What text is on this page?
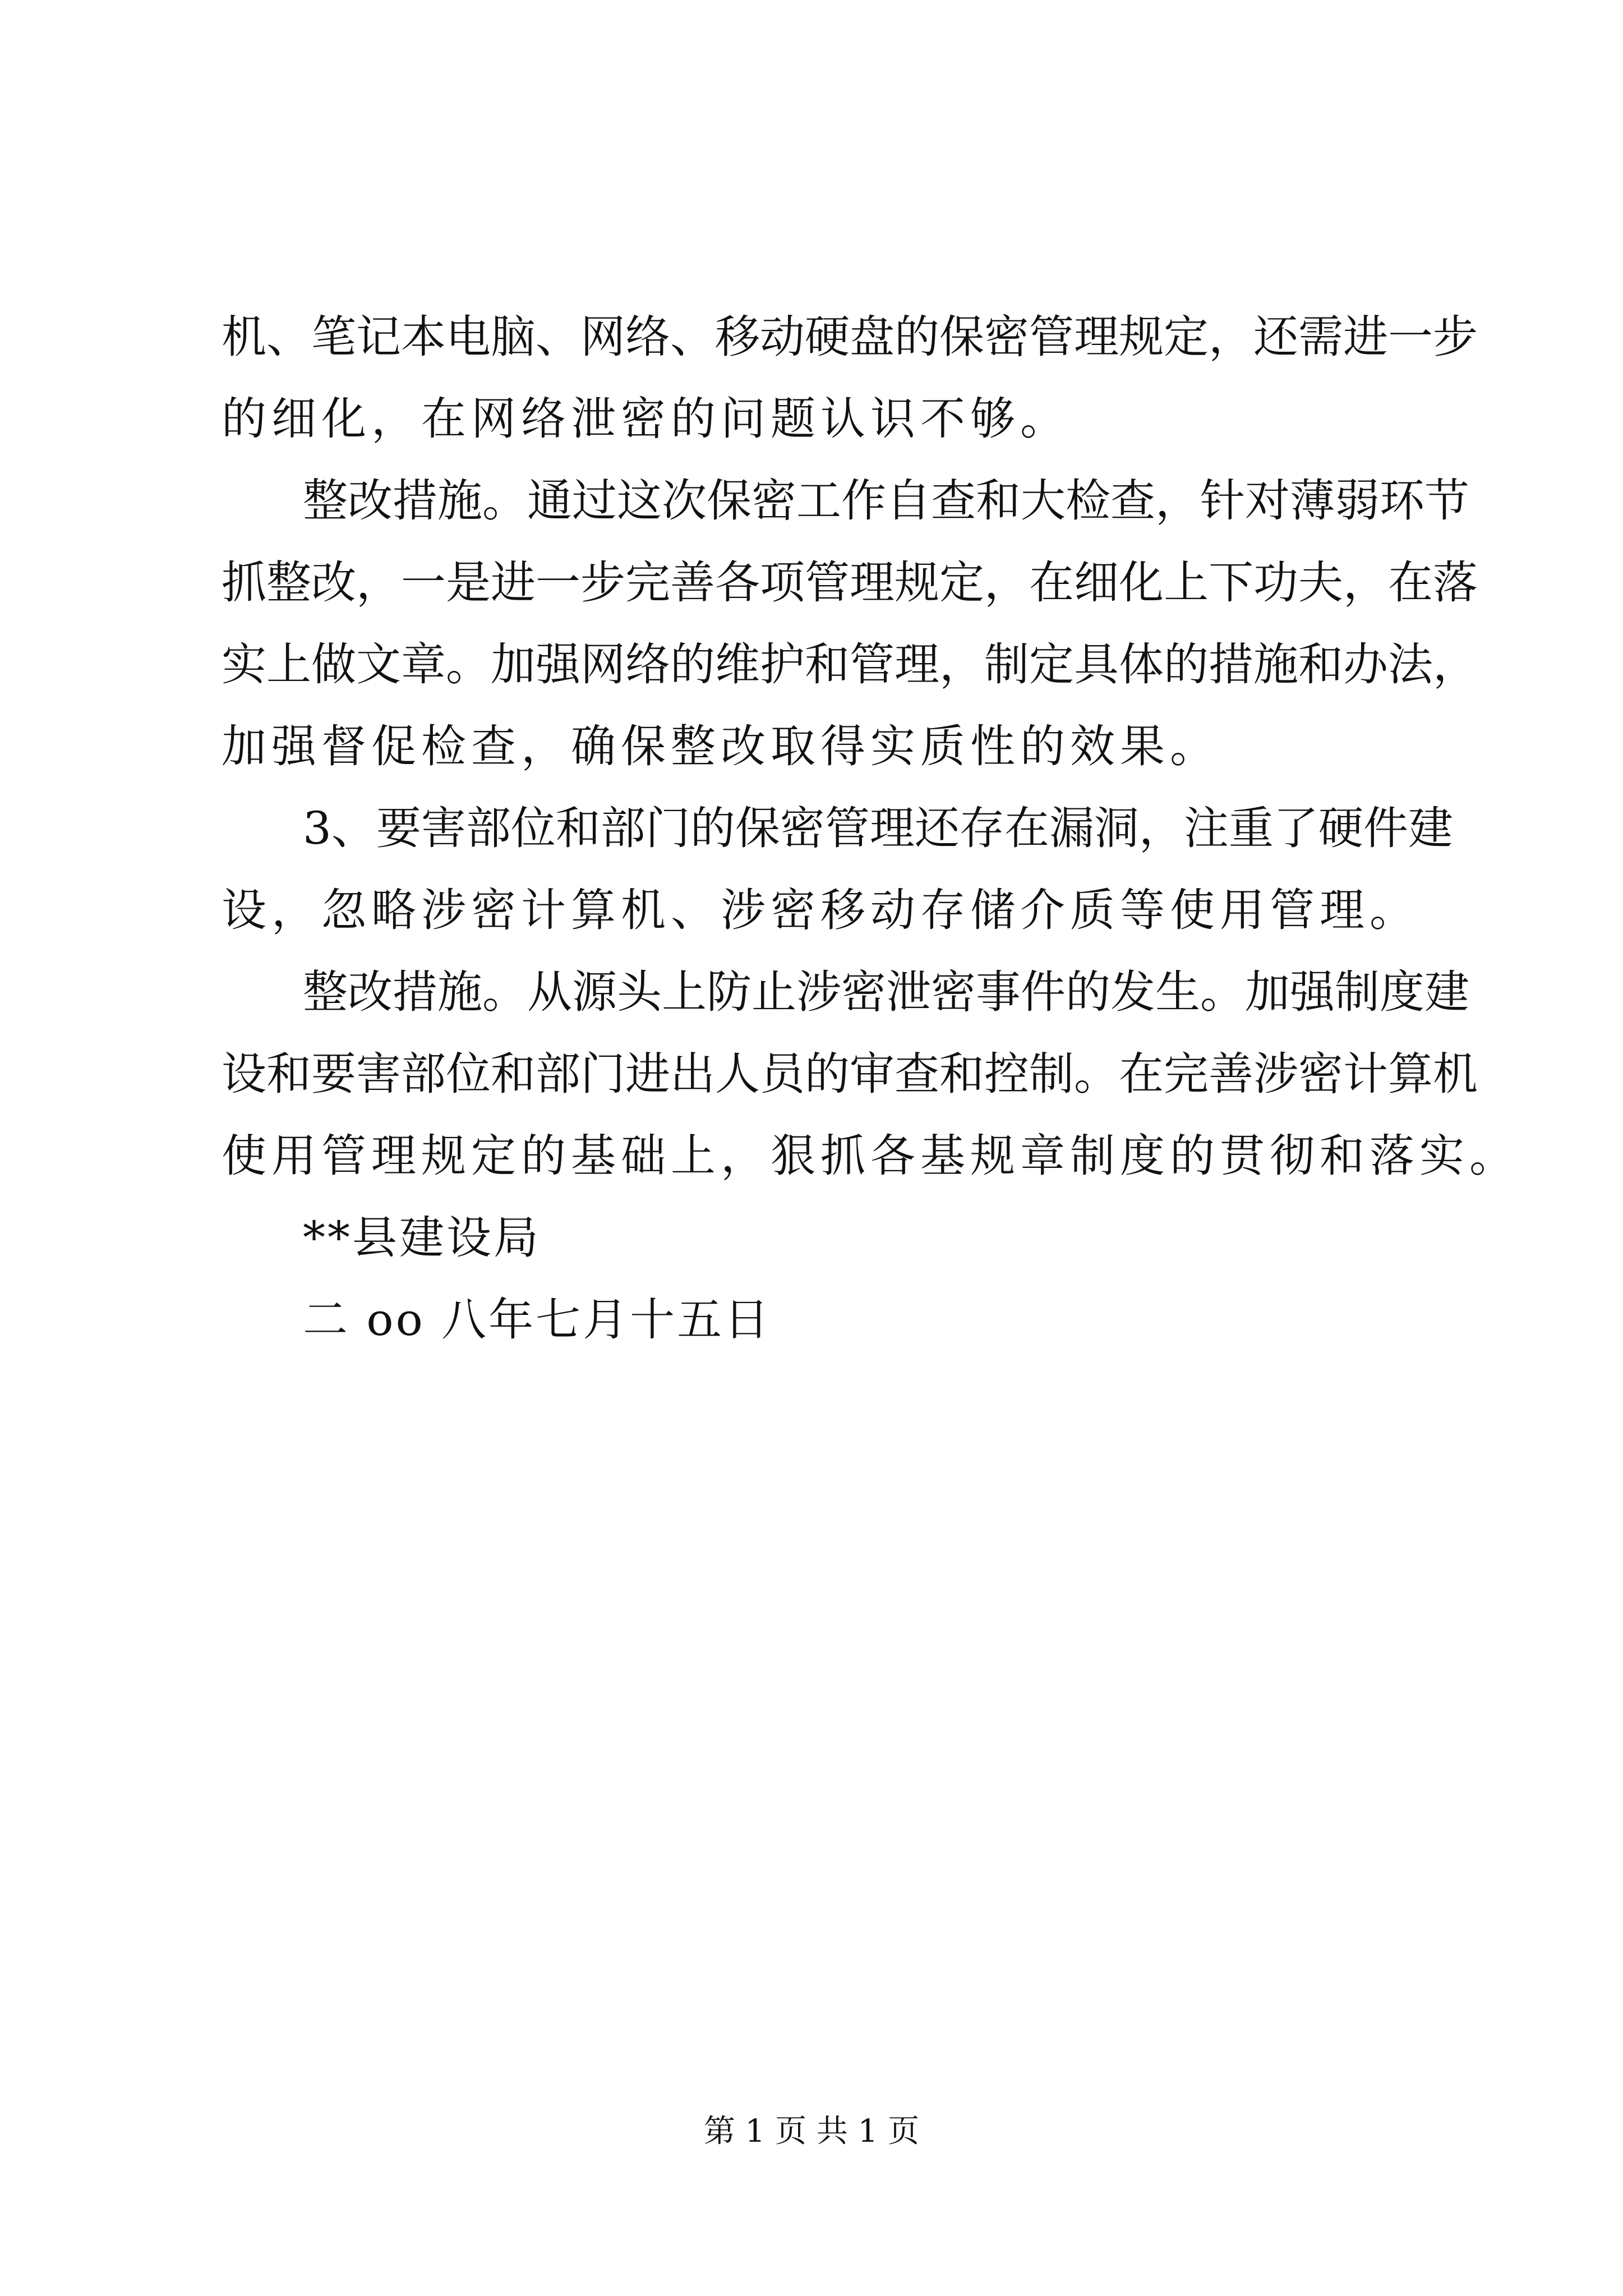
机、笔记本电脑、网络、移动硬盘的保密管理规定，还需进一步
的细化，在网络泄密的问题认识不够。
整改措施。通过这次保密工作自查和大检查，针对薄弱环节
抓整改，一是进一步完善各项管理规定，在细化上下功夫，在落
实上做文章。加强网络的维护和管理，制定具体的措施和办法，
加强督促检查，确保整改取得实质性的效果。
3、要害部位和部门的保密管理还存在漏洞，注重了硬件建
设，忽略涉密计算机、涉密移动存储介质等使用管理。
整改措施。从源头上防止涉密泄密事件的发生。加强制度建
设和要害部位和部门进出人员的审查和控制。在完善涉密计算机
使用管理规定的基础上，狠抓各基规章制度的贯彻和落实。
**县建设局
二 oo 八年七月十五日
第 1 页 共 1 页
